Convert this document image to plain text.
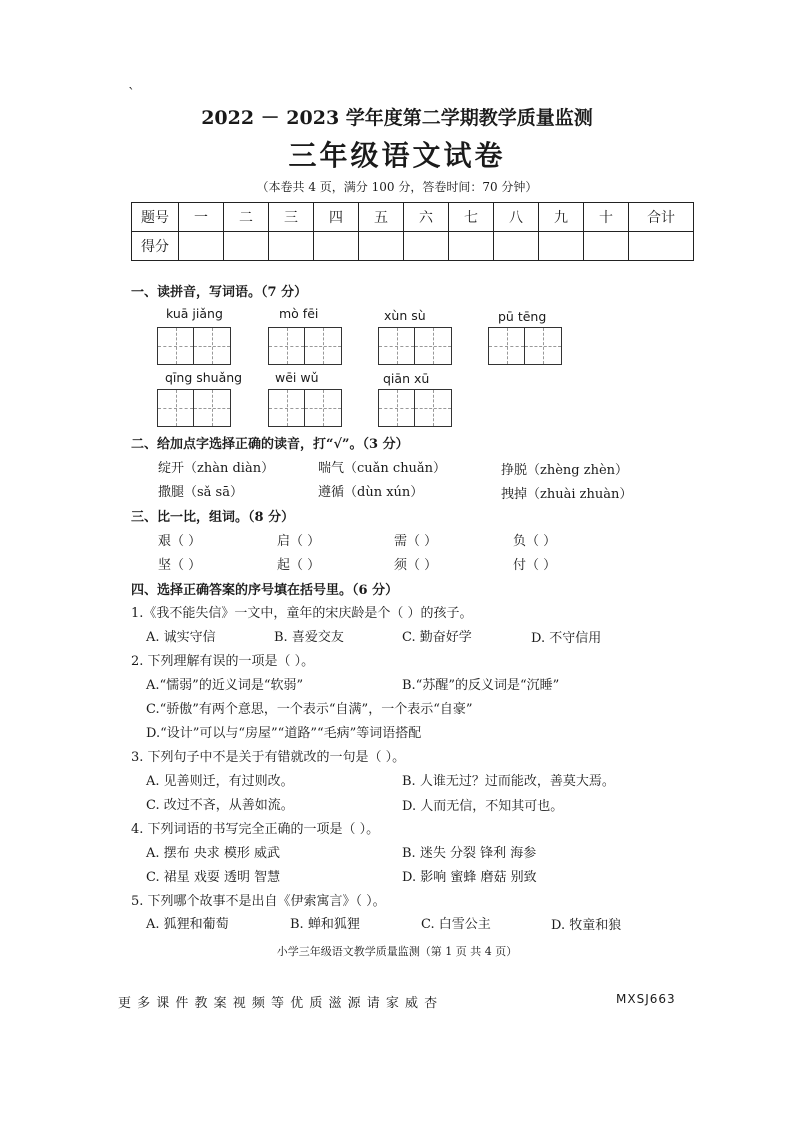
`
2022 － 2023 学年度第二学期教学质量监测
三年级语文试卷
（本卷共 4 页，满分 100 分，答卷时间：70 分钟）
题号	一	二	三	四	五	六	七	八	九	十	合计
得分											
一、读拼音，写词语。（7 分）
kuā jiǎng	mò fēi	xùn sù	pū tēng
qīng shuǎng	wēi wǔ	qiān xū
二、给加点字选择正确的读音，打“√”。（3 分）
绽开（zhàn diàn）	喘气（cuǎn chuǎn）	挣脱（zhèng zhèn）
撒腿（sǎ sā）	遵循（dùn xún）	拽掉（zhuài zhuàn）
三、比一比，组词。（8 分）
艰（ ）	启（ ）	需（ ）	负（ ）
坚（ ）	起（ ）	须（ ）	付（ ）
四、选择正确答案的序号填在括号里。（6 分）
1.《我不能失信》一文中，童年的宋庆龄是个（ ）的孩子。
A. 诚实守信	B. 喜爱交友	C. 勤奋好学	D. 不守信用
2. 下列理解有误的一项是（ ）。
A.“懦弱”的近义词是“软弱”	B.“苏醒”的反义词是“沉睡”
C.“骄傲”有两个意思，一个表示“自满”，一个表示“自豪”
D.“设计”可以与“房屋”“道路”“毛病”等词语搭配
3. 下列句子中不是关于有错就改的一句是（ ）。
A. 见善则迁，有过则改。	B. 人谁无过？过而能改，善莫大焉。
C. 改过不吝，从善如流。	D. 人而无信，不知其可也。
4. 下列词语的书写完全正确的一项是（ ）。
A. 摆布 央求 模形 威武	B. 迷失 分裂 锋利 海参
C. 裙星 戏耍 透明 智慧	D. 影响 蜜蜂 磨菇 别致
5. 下列哪个故事不是出自《伊索寓言》（ ）。
A. 狐狸和葡萄	B. 蝉和狐狸	C. 白雪公主	D. 牧童和狼
小学三年级语文教学质量监测（第 1 页 共 4 页）
更 多 课 件 教 案 视 频 等 优 质 滋 源 请 家 威 杏	MXSJ663
